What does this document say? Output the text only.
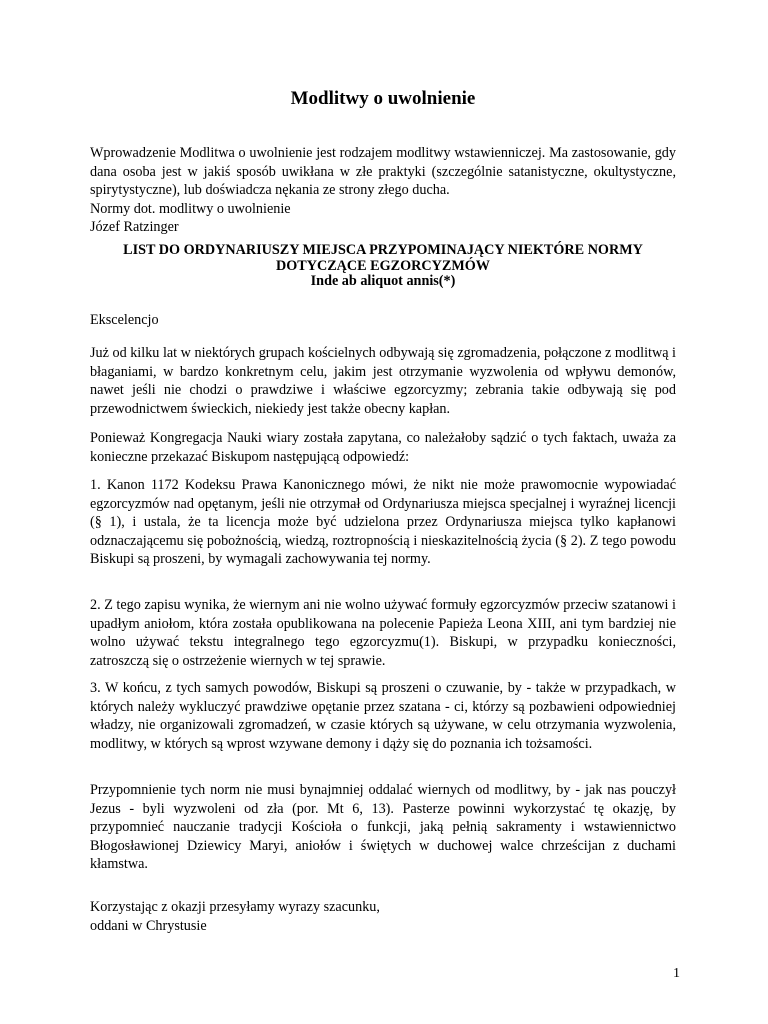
Modlitwy o uwolnienie

Wprowadzenie Modlitwa o uwolnienie jest rodzajem modlitwy wstawienniczej. Ma zastosowanie, gdy dana osoba jest w jakiś sposób uwikłana w złe praktyki (szczególnie satanistyczne, okultystyczne, spirytystyczne), lub doświadcza nękania ze strony złego ducha.

Normy dot. modlitwy o uwolnienie
Józef Ratzinger
LIST DO ORDYNARIUSZY MIEJSCA PRZYPOMINAJĄCY NIEKTÓRE NORMY
DOTYCZĄCE EGZORCYZMÓW
Inde ab aliquot annis(*)

Ekscelencjo

Już od kilku lat w niektórych grupach kościelnych odbywają się zgromadzenia, połączone z modlitwą i błaganiami, w bardzo konkretnym celu, jakim jest otrzymanie wyzwolenia od wpływu demonów, nawet jeśli nie chodzi o prawdziwe i właściwe egzorcyzmy; zebrania takie odbywają się pod przewodnictwem świeckich, niekiedy jest także obecny kapłan.

Ponieważ Kongregacja Nauki wiary została zapytana, co należałoby sądzić o tych faktach, uważa za konieczne przekazać Biskupom następującą odpowiedź:

1. Kanon 1172 Kodeksu Prawa Kanonicznego mówi, że nikt nie może prawomocnie wypowiadać egzorcyzmów nad opętanym, jeśli nie otrzymał od Ordynariusza miejsca specjalnej i wyraźnej licencji (§ 1), i ustala, że ta licencja może być udzielona przez Ordynariusza miejsca tylko kapłanowi odznaczającemu się pobożnością, wiedzą, roztropnością i nieskazitelnością życia (§ 2). Z tego powodu Biskupi są proszeni, by wymagali zachowywania tej normy.

2. Z tego zapisu wynika, że wiernym ani nie wolno używać formuły egzorcyzmów przeciw szatanowi i upadłym aniołom, która została opublikowana na polecenie Papieża Leona XIII, ani tym bardziej nie wolno używać tekstu integralnego tego egzorcyzmu(1). Biskupi, w przypadku konieczności, zatroszczą się o ostrzeżenie wiernych w tej sprawie.

3. W końcu, z tych samych powodów, Biskupi są proszeni o czuwanie, by - także w przypadkach, w których należy wykluczyć prawdziwe opętanie przez szatana - ci, którzy są pozbawieni odpowiedniej władzy, nie organizowali zgromadzeń, w czasie których są używane, w celu otrzymania wyzwolenia, modlitwy, w których są wprost wzywane demony i dąży się do poznania ich tożsamości.

Przypomnienie tych norm nie musi bynajmniej oddalać wiernych od modlitwy, by - jak nas pouczył Jezus - byli wyzwoleni od zła (por. Mt 6, 13). Pasterze powinni wykorzystać tę okazję, by przypomnieć nauczanie tradycji Kościoła o funkcji, jaką pełnią sakramenty i wstawiennictwo Błogosławionej Dziewicy Maryi, aniołów i świętych w duchowej walce chrześcijan z duchami kłamstwa.

Korzystając z okazji przesyłamy wyrazy szacunku,
oddani w Chrystusie
1
